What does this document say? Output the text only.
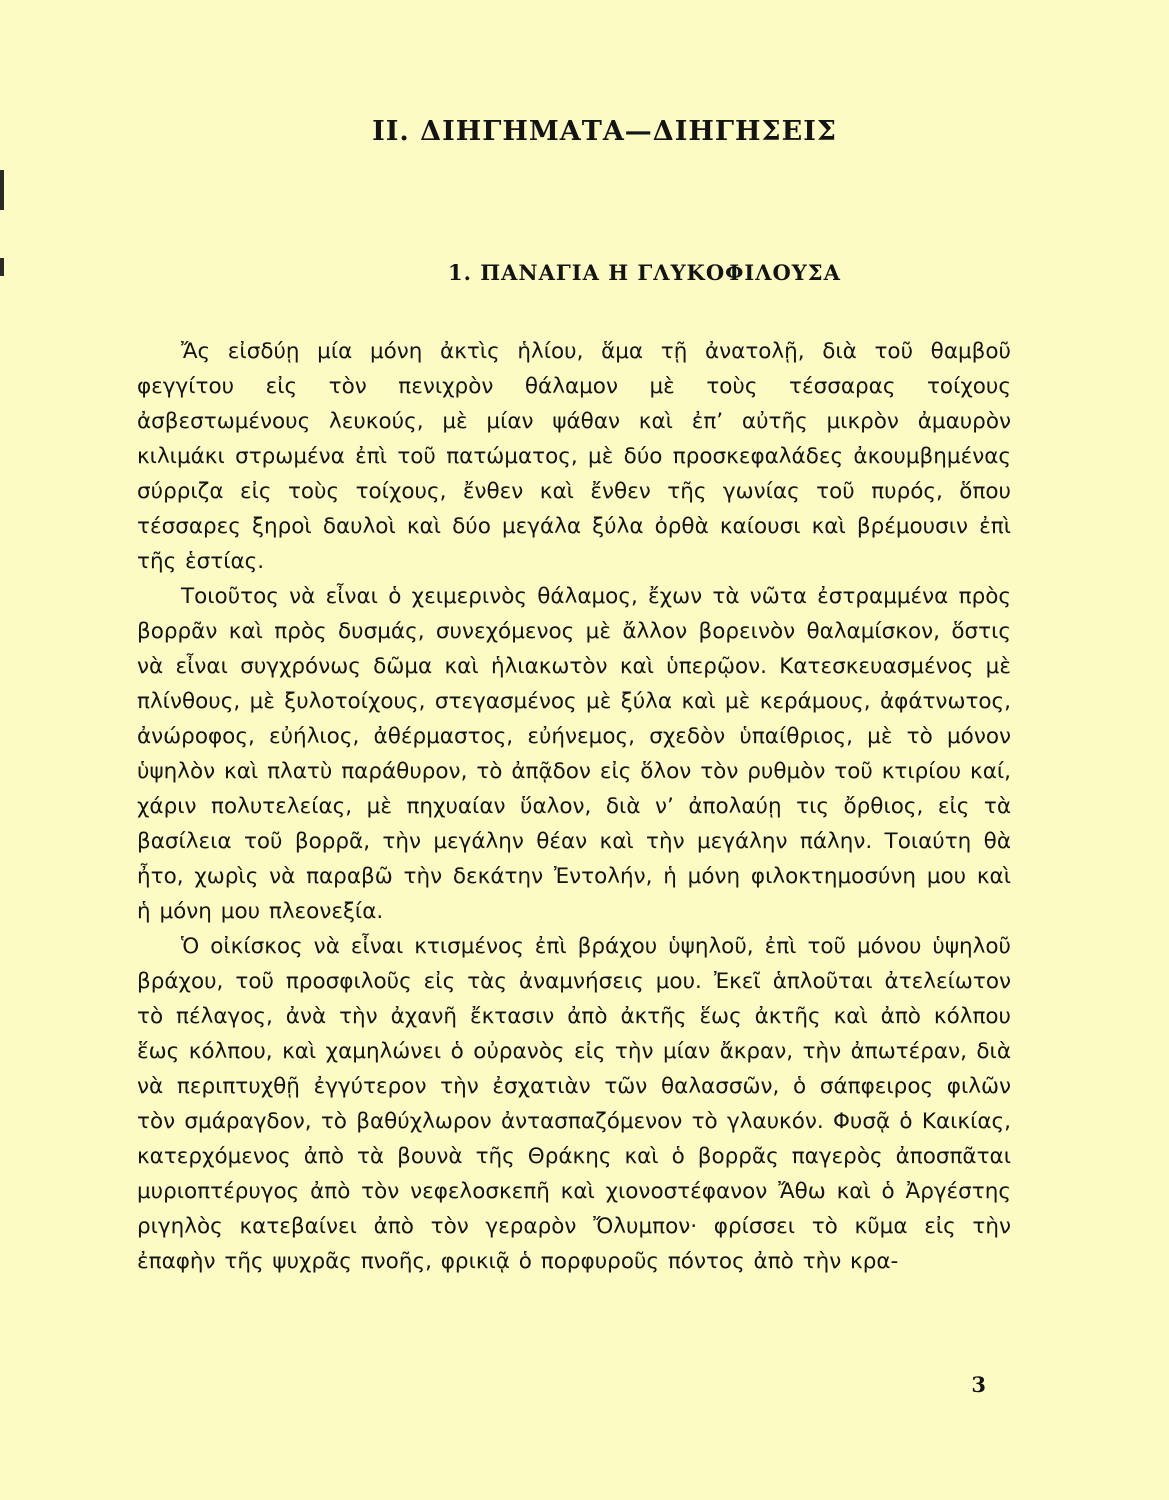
ΙΙ. ΔΙΗΓΗΜΑΤΑ—ΔΙΗΓΗΣΕΙΣ
1. ΠΑΝΑΓΙΑ Η ΓΛΥΚΟΦΙΛΟΥΣΑ

Ἄς εἰσδύῃ μία μόνη ἀκτὶς ἡλίου, ἅμα τῇ ἀνατολῇ, διὰ τοῦ θαμβοῦ φεγγίτου εἰς τὸν πενιχρὸν θάλαμον μὲ τοὺς τέσσαρας τοίχους ἀσβεστωμένους λευκούς, μὲ μίαν ψάθαν καὶ ἐπ’ αὐτῆς μικρὸν ἀμαυρὸν κιλιμάκι στρωμένα ἐπὶ τοῦ πατώματος, μὲ δύο προσκεφαλάδες ἀκουμβημένας σύρριζα εἰς τοὺς τοίχους, ἔνθεν καὶ ἔνθεν τῆς γωνίας τοῦ πυρός, ὅπου τέσσαρες ξηροὶ δαυλοὶ καὶ δύο μεγάλα ξύλα ὀρθὰ καίουσι καὶ βρέμουσιν ἐπὶ τῆς ἑστίας.

Τοιοῦτος νὰ εἶναι ὁ χειμερινὸς θάλαμος, ἔχων τὰ νῶτα ἐστραμμένα πρὸς βορρᾶν καὶ πρὸς δυσμάς, συνεχόμενος μὲ ἄλλον βορεινὸν θαλαμίσκον, ὅστις νὰ εἶναι συγχρόνως δῶμα καὶ ἡλιακωτὸν καὶ ὑπερῷον. Κατεσκευασμένος μὲ πλίνθους, μὲ ξυλοτοίχους, στεγασμένος μὲ ξύλα καὶ μὲ κεράμους, ἀφάτνωτος, ἀνώροφος, εὐήλιος, ἀθέρμαστος, εὐήνεμος, σχεδὸν ὑπαίθριος, μὲ τὸ μόνον ὑψηλὸν καὶ πλατὺ παράθυρον, τὸ ἀπᾷδον εἰς ὅλον τὸν ρυθμὸν τοῦ κτιρίου καί, χάριν πολυτελείας, μὲ πηχυαίαν ὕαλον, διὰ ν’ ἀπολαύῃ τις ὄρθιος, εἰς τὰ βασίλεια τοῦ βορρᾶ, τὴν μεγάλην θέαν καὶ τὴν μεγάλην πάλην. Τοιαύτη θὰ ἦτο, χωρὶς νὰ παραβῶ τὴν δεκάτην Ἐντολήν, ἡ μόνη φιλοκτημοσύνη μου καὶ ἡ μόνη μου πλεονεξία.

Ὁ οἰκίσκος νὰ εἶναι κτισμένος ἐπὶ βράχου ὑψηλοῦ, ἐπὶ τοῦ μόνου ὑψηλοῦ βράχου, τοῦ προσφιλοῦς εἰς τὰς ἀναμνήσεις μου. Ἐκεῖ ἁπλοῦται ἀτελείωτον τὸ πέλαγος, ἀνὰ τὴν ἀχανῆ ἔκτασιν ἀπὸ ἀκτῆς ἕως ἀκτῆς καὶ ἀπὸ κόλπου ἕως κόλπου, καὶ χαμηλώνει ὁ οὐρανὸς εἰς τὴν μίαν ἄκραν, τὴν ἀπωτέραν, διὰ νὰ περιπτυχθῇ ἐγγύτερον τὴν ἐσχατιὰν τῶν θαλασσῶν, ὁ σάπφειρος φιλῶν τὸν σμάραγδον, τὸ βαθύχλωρον ἀντασπαζόμενον τὸ γλαυκόν. Φυσᾷ ὁ Καικίας, κατερχόμενος ἀπὸ τὰ βουνὰ τῆς Θράκης καὶ ὁ βορρᾶς παγερὸς ἀποσπᾶται μυριοπτέρυγος ἀπὸ τὸν νεφελοσκεπῆ καὶ χιονοστέφανον Ἄθω καὶ ὁ Ἀργέστης ριγηλὸς κατεβαίνει ἀπὸ τὸν γεραρὸν Ὄλυμπον· φρίσσει τὸ κῦμα εἰς τὴν ἐπαφὴν τῆς ψυχρᾶς πνοῆς, φρικιᾷ ὁ πορφυροῦς πόντος ἀπὸ τὴν κρα-

3
